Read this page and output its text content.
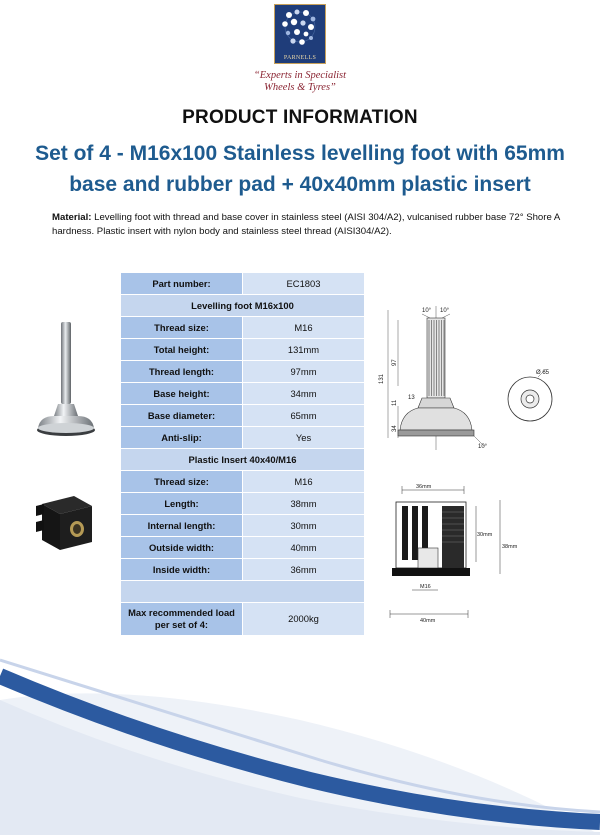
PARNELLS
“Experts in Specialist
Wheels & Tyres”
PRODUCT INFORMATION
Set of 4 - M16x100 Stainless levelling foot with 65mm
base and rubber pad + 40x40mm plastic insert
Material: Levelling foot with thread and base cover in stainless steel (AISI 304/A2), vulcanised rubber base 72° Shore A hardness. Plastic insert with nylon body and stainless steel thread (AISI304/A2).
Part number:	EC1803
Levelling foot M16x100	
Thread size:	M16
Total height:	131mm
Thread length:	97mm
Base height:	34mm
Base diameter:	65mm
Anti-slip:	Yes
Plastic Insert 40x40/M16	
Thread size:	M16
Length:	38mm
Internal length:	30mm
Outside width:	40mm
Inside width:	36mm

Max recommended load
per set of 4:	2000kg
10° 10°
131
97
11
13
34
10°
Ø 65
36mm
30mm
38mm
M16
40mm
